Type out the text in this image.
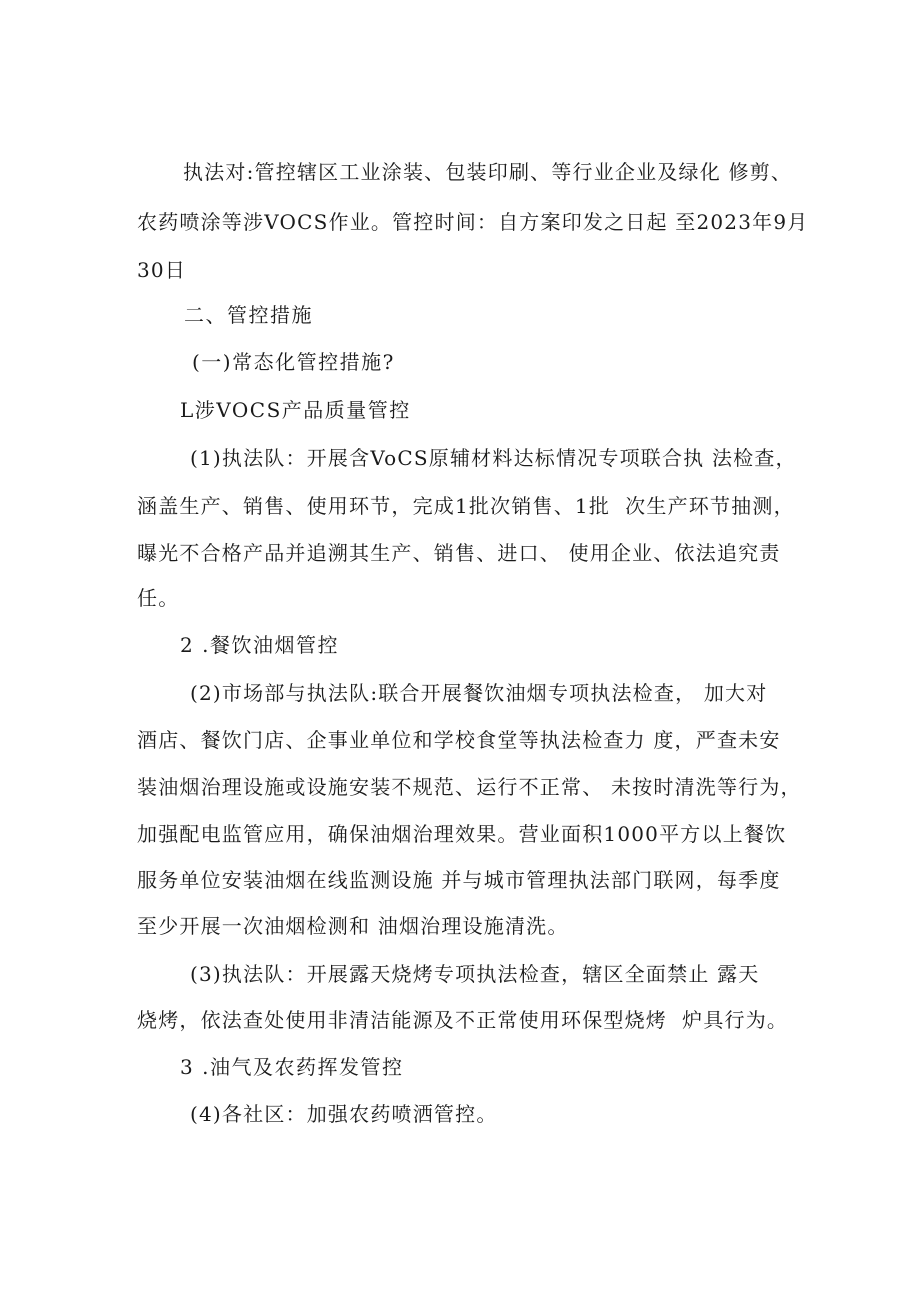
执法对:管控辖区工业涂装、包装印刷、等行业企业及绿化 修剪、
农药喷涂等涉VOCS作业。管控时间：自方案印发之日起 至2023年9月
30日
二、管控措施
(一)常态化管控措施?
L涉VOCS产品质量管控
(1)执法队：开展含VoCS原辅材料达标情况专项联合执 法检查，
涵盖生产、销售、使用环节，完成1批次销售、1批  次生产环节抽测，
曝光不合格产品并追溯其生产、销售、进口、 使用企业、依法追究责
任。
2 .餐饮油烟管控
(2)市场部与执法队:联合开展餐饮油烟专项执法检查， 加大对
酒店、餐饮门店、企事业单位和学校食堂等执法检查力 度，严查未安
装油烟治理设施或设施安装不规范、运行不正常、 未按时清洗等行为，
加强配电监管应用，确保油烟治理效果。营业面积1000平方以上餐饮
服务单位安装油烟在线监测设施 并与城市管理执法部门联网，每季度
至少开展一次油烟检测和 油烟治理设施清洗。
(3)执法队：开展露天烧烤专项执法检查，辖区全面禁止 露天
烧烤，依法查处使用非清洁能源及不正常使用环保型烧烤  炉具行为。
3 .油气及农药挥发管控
(4)各社区：加强农药喷洒管控。
